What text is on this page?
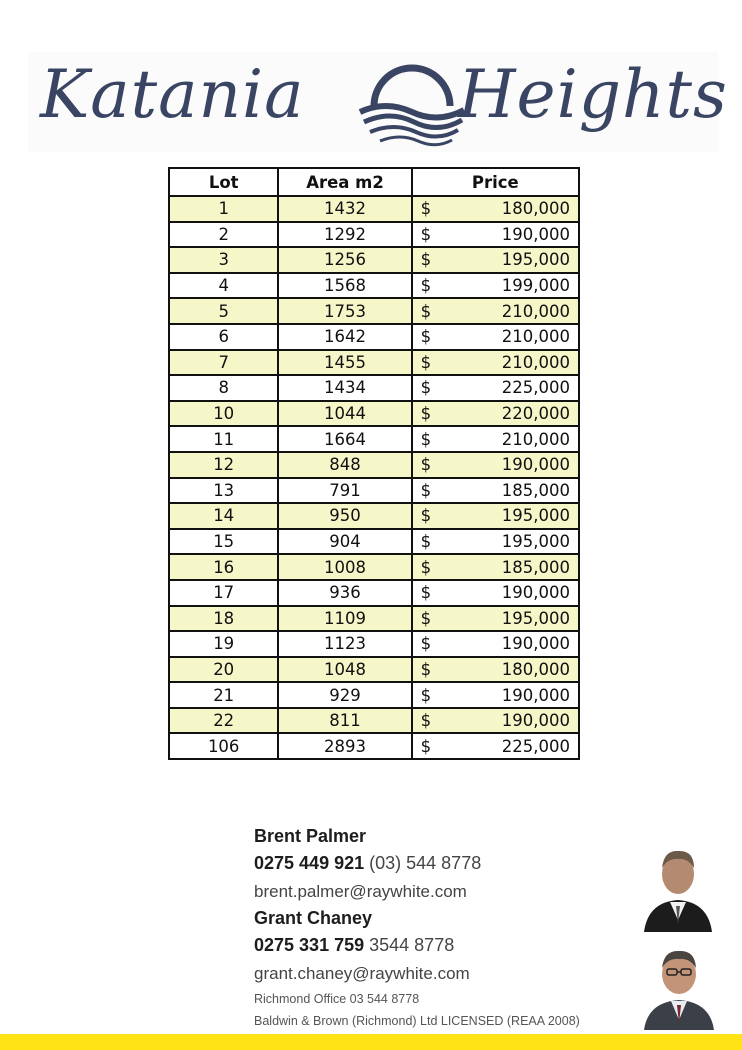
Katania Heights
Lot	Area m2	Price
1	1432	$ 180,000

2	1292	$ 190,000

3	1256	$ 195,000

4	1568	$ 199,000

5	1753	$ 210,000

6	1642	$ 210,000

7	1455	$ 210,000

8	1434	$ 225,000

10	1044	$ 220,000

11	1664	$ 210,000

12	848	$ 190,000

13	791	$ 185,000

14	950	$ 195,000

15	904	$ 195,000

16	1008	$ 185,000

17	936	$ 190,000

18	1109	$ 195,000

19	1123	$ 190,000

20	1048	$ 180,000

21	929	$ 190,000

22	811	$ 190,000

106	2893	$ 225,000
Brent Palmer
0275 449 921 (03) 544 8778
brent.palmer@raywhite.com
Grant Chaney
0275 331 759 3544 8778
grant.chaney@raywhite.com
Richmond Office 03 544 8778
Baldwin & Brown (Richmond) Ltd LICENSED (REAA 2008)
